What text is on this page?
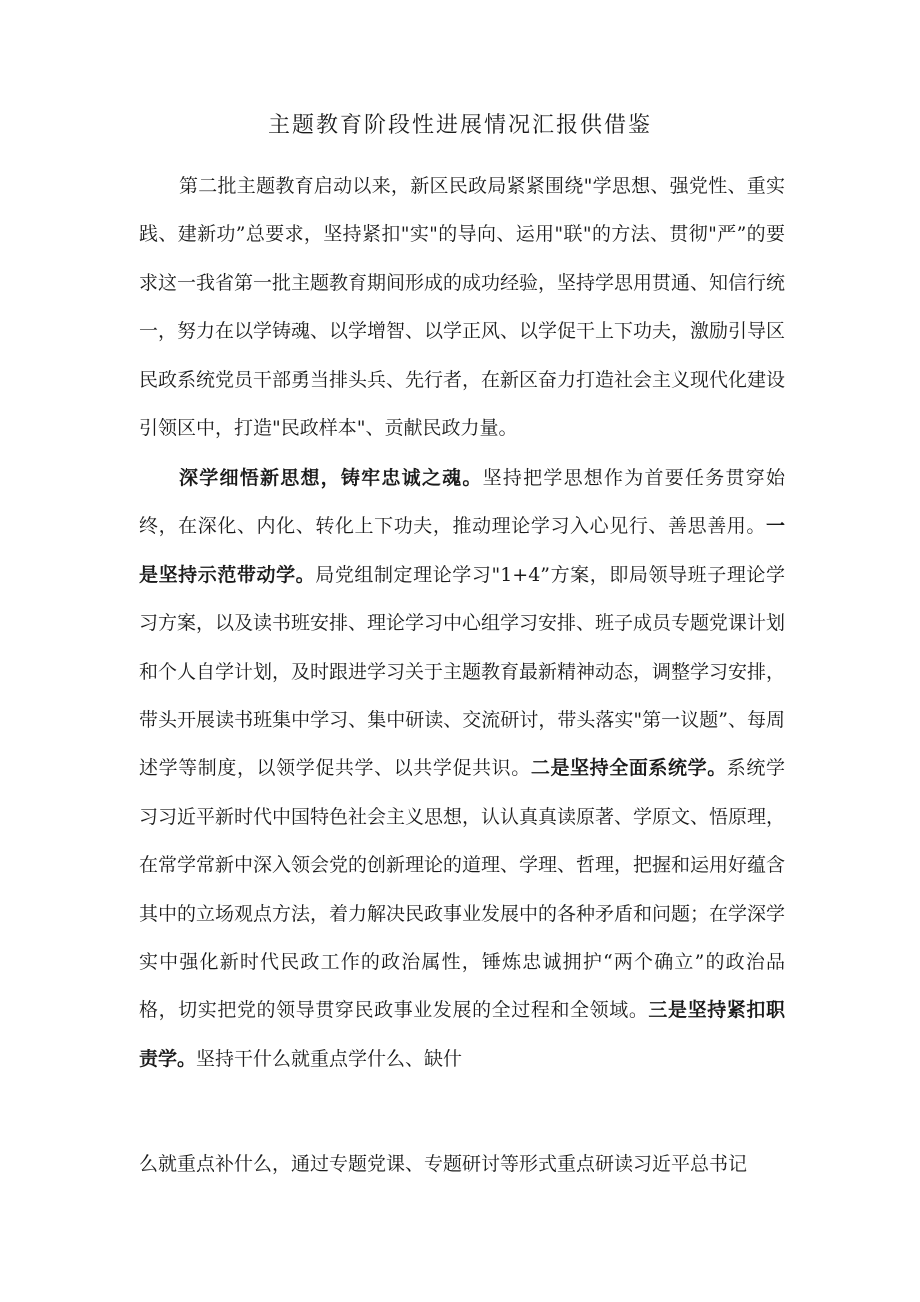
主题教育阶段性进展情况汇报供借鉴

第二批主题教育启动以来，新区民政局紧紧围绕"学思想、强党性、重实践、建新功”总要求，坚持紧扣"实"的导向、运用"联"的方法、贯彻"严”的要求这一我省第一批主题教育期间形成的成功经验，坚持学思用贯通、知信行统一，努力在以学铸魂、以学增智、以学正风、以学促干上下功夫，激励引导区民政系统党员干部勇当排头兵、先行者，在新区奋力打造社会主义现代化建设引领区中，打造"民政样本"、贡献民政力量。

深学细悟新思想，铸牢忠诚之魂。坚持把学思想作为首要任务贯穿始终，在深化、内化、转化上下功夫，推动理论学习入心见行、善思善用。一是坚持示范带动学。局党组制定理论学习"1+4”方案，即局领导班子理论学习方案，以及读书班安排、理论学习中心组学习安排、班子成员专题党课计划和个人自学计划，及时跟进学习关于主题教育最新精神动态，调整学习安排，带头开展读书班集中学习、集中研读、交流研讨，带头落实"第一议题”、每周述学等制度，以领学促共学、以共学促共识。二是坚持全面系统学。系统学习习近平新时代中国特色社会主义思想，认认真真读原著、学原文、悟原理，在常学常新中深入领会党的创新理论的道理、学理、哲理，把握和运用好蕴含其中的立场观点方法，着力解决民政事业发展中的各种矛盾和问题；在学深学实中强化新时代民政工作的政治属性，锤炼忠诚拥护“两个确立”的政治品格，切实把党的领导贯穿民政事业发展的全过程和全领域。三是坚持紧扣职责学。坚持干什么就重点学什么、缺什

么就重点补什么，通过专题党课、专题研讨等形式重点研读习近平总书记
